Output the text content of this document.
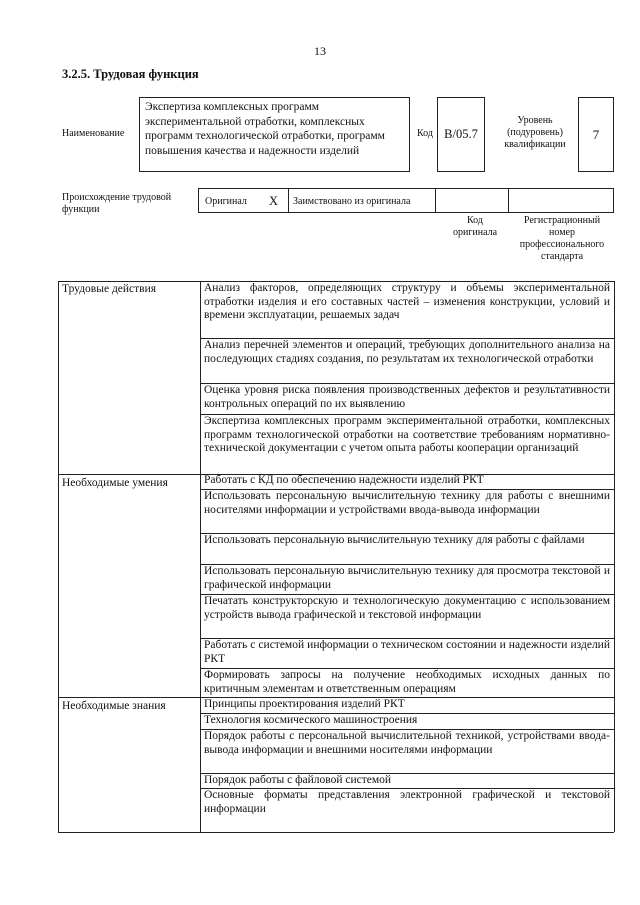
13
3.2.5. Трудовая функция
Наименование
Экспертиза комплексных программ экспериментальной отработки, комплексных программ технологической отработки, программ повышения качества и надежности изделий
Код В/05.7
Уровень (подуровень) квалификации
7
Происхождение трудовой функции
Оригинал X Заимствовано из оригинала
Код оригинала
Регистрационный номер профессионального стандарта
Трудовые действия
Необходимые умения
Необходимые знания
Анализ факторов, определяющих структуру и объемы экспериментальной отработки изделия и его составных частей – изменения конструкции, условий и времени эксплуатации, решаемых задач
Анализ перечней элементов и операций, требующих дополнительного анализа на последующих стадиях создания, по результатам их технологической отработки
Оценка уровня риска появления производственных дефектов и результативности контрольных операций по их выявлению
Экспертиза комплексных программ экспериментальной отработки, комплексных программ технологической отработки на соответствие требованиям нормативно-технической документации с учетом опыта работы кооперации организаций
Работать с КД по обеспечению надежности изделий РКТ
Использовать персональную вычислительную технику для работы с внешними носителями информации и устройствами ввода-вывода информации
Использовать персональную вычислительную технику для работы с файлами
Использовать персональную вычислительную технику для просмотра текстовой и графической информации
Печатать конструкторскую и технологическую документацию с использованием устройств вывода графической и текстовой информации
Работать с системой информации о техническом состоянии и надежности изделий РКТ
Формировать запросы на получение необходимых исходных данных по критичным элементам и ответственным операциям
Принципы проектирования изделий РКТ
Технология космического машиностроения
Порядок работы с персональной вычислительной техникой, устройствами ввода-вывода информации и внешними носителями информации
Порядок работы с файловой системой
Основные форматы представления электронной графической и текстовой информации
